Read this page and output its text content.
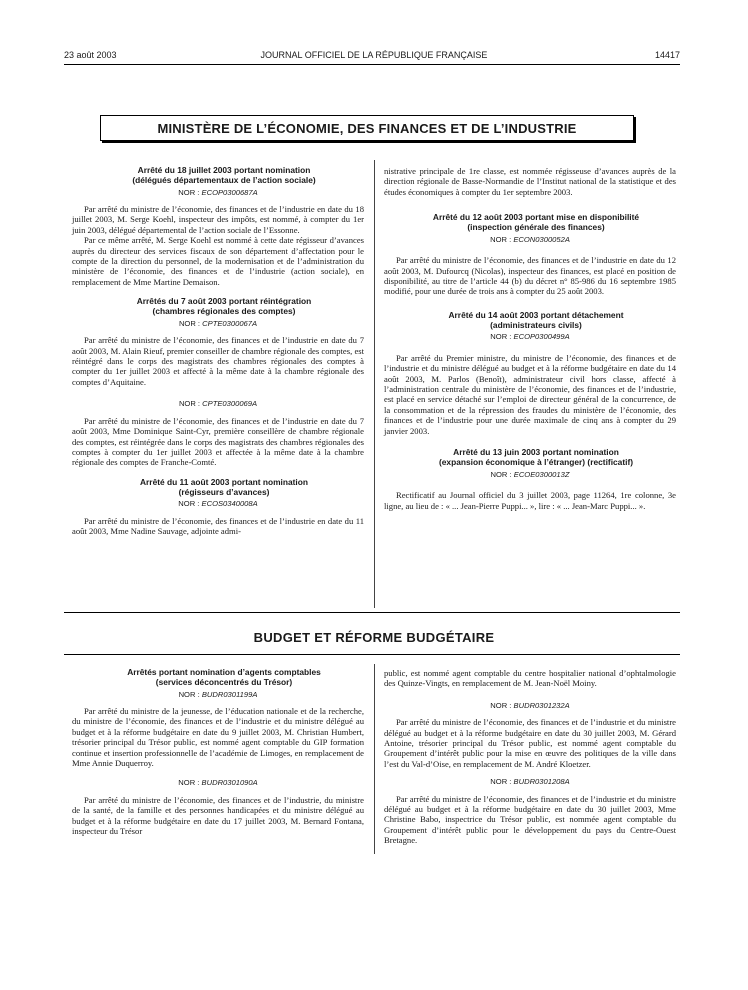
23 août 2003	JOURNAL OFFICIEL DE LA RÉPUBLIQUE FRANÇAISE	14417
MINISTÈRE DE L’ÉCONOMIE, DES FINANCES ET DE L’INDUSTRIE

Arrêté du 18 juillet 2003 portant nomination

(délégués départementaux de l’action sociale)

NOR : ECOP0300687A

Par arrêté du ministre de l’économie, des finances et de l’industrie en date du 18 juillet 2003, M. Serge Koehl, inspecteur des impôts, est nommé, à compter du 1er juin 2003, délégué départemental de l’action sociale de l’Essonne.

Par ce même arrêté, M. Serge Koehl est nommé à cette date régisseur d’avances auprès du directeur des services fiscaux de son département d’affectation pour le compte de la direction du personnel, de la modernisation et de l’administration du ministère de l’économie, des finances et de l’industrie (action sociale), en remplacement de Mme Martine Demaison.

Arrêtés du 7 août 2003 portant réintégration

(chambres régionales des comptes)

NOR : CPTE0300067A

Par arrêté du ministre de l’économie, des finances et de l’industrie en date du 7 août 2003, M. Alain Rieuf, premier conseiller de chambre régionale des comptes, est réintégré dans le corps des magistrats des chambres régionales des comptes à compter du 1er juillet 2003 et affecté à la même date à la chambre régionale des comptes d’Aquitaine.

NOR : CPTE0300069A

Par arrêté du ministre de l’économie, des finances et de l’industrie en date du 7 août 2003, Mme Dominique Saint-Cyr, première conseillère de chambre régionale des comptes, est réintégrée dans le corps des magistrats des chambres régionales des comptes à compter du 1er juillet 2003 et affectée à la même date à la chambre régionale des comptes de Franche-Comté.

Arrêté du 11 août 2003 portant nomination

(régisseurs d’avances)

NOR : ECOS0340008A

Par arrêté du ministre de l’économie, des finances et de l’industrie en date du 11 août 2003, Mme Nadine Sauvage, adjointe admi-

nistrative principale de 1re classe, est nommée régisseuse d’avances auprès de la direction régionale de Basse-Normandie de l’Institut national de la statistique et des études économiques à compter du 1er septembre 2003.

Arrêté du 12 août 2003 portant mise en disponibilité

(inspection générale des finances)

NOR : ECON0300052A

Par arrêté du ministre de l’économie, des finances et de l’industrie en date du 12 août 2003, M. Dufourcq (Nicolas), inspecteur des finances, est placé en position de disponibilité, au titre de l’article 44 (b) du décret n° 85-986 du 16 septembre 1985 modifié, pour une durée de trois ans à compter du 25 août 2003.

Arrêté du 14 août 2003 portant détachement

(administrateurs civils)

NOR : ECOP0300499A

Par arrêté du Premier ministre, du ministre de l’économie, des finances et de l’industrie et du ministre délégué au budget et à la réforme budgétaire en date du 14 août 2003, M. Parlos (Benoît), administrateur civil hors classe, affecté à l’administration centrale du ministère de l’économie, des finances et de l’industrie, est placé en service détaché sur l’emploi de directeur général de la concurrence, de la consommation et de la répression des fraudes du ministère de l’économie, des finances et de l’industrie pour une durée maximale de cinq ans à compter du 29 janvier 2003.

Arrêté du 13 juin 2003 portant nomination

(expansion économique à l’étranger) (rectificatif)

NOR : ECOE0300013Z

Rectificatif au Journal officiel du 3 juillet 2003, page 11264, 1re colonne, 3e ligne, au lieu de : « ... Jean-Pierre Puppi... », lire : « ... Jean-Marc Puppi... ».

BUDGET ET RÉFORME BUDGÉTAIRE

Arrêtés portant nomination d’agents comptables

(services déconcentrés du Trésor)

NOR : BUDR0301199A

Par arrêté du ministre de la jeunesse, de l’éducation nationale et de la recherche, du ministre de l’économie, des finances et de l’industrie et du ministre délégué au budget et à la réforme budgétaire en date du 9 juillet 2003, M. Christian Humbert, trésorier principal du Trésor public, est nommé agent comptable du GIP formation continue et insertion professionnelle de l’académie de Limoges, en remplacement de Mme Annie Duquerroy.

NOR : BUDR0301090A

Par arrêté du ministre de l’économie, des finances et de l’industrie, du ministre de la santé, de la famille et des personnes handicapées et du ministre délégué au budget et à la réforme budgétaire en date du 17 juillet 2003, M. Bernard Fontana, inspecteur du Trésor

public, est nommé agent comptable du centre hospitalier national d’ophtalmologie des Quinze-Vingts, en remplacement de M. Jean-Noël Moiny.

NOR : BUDR0301232A

Par arrêté du ministre de l’économie, des finances et de l’industrie et du ministre délégué au budget et à la réforme budgétaire en date du 30 juillet 2003, M. Gérard Antoine, trésorier principal du Trésor public, est nommé agent comptable du Groupement d’intérêt public pour la mise en œuvre des politiques de la ville dans l’est du Val-d’Oise, en remplacement de M. André Kloetzer.

NOR : BUDR0301208A

Par arrêté du ministre de l’économie, des finances et de l’industrie et du ministre délégué au budget et à la réforme budgétaire en date du 30 juillet 2003, Mme Christine Babo, inspectrice du Trésor public, est nommée agent comptable du Groupement d’intérêt public pour le développement du pays du Centre-Ouest Bretagne.
